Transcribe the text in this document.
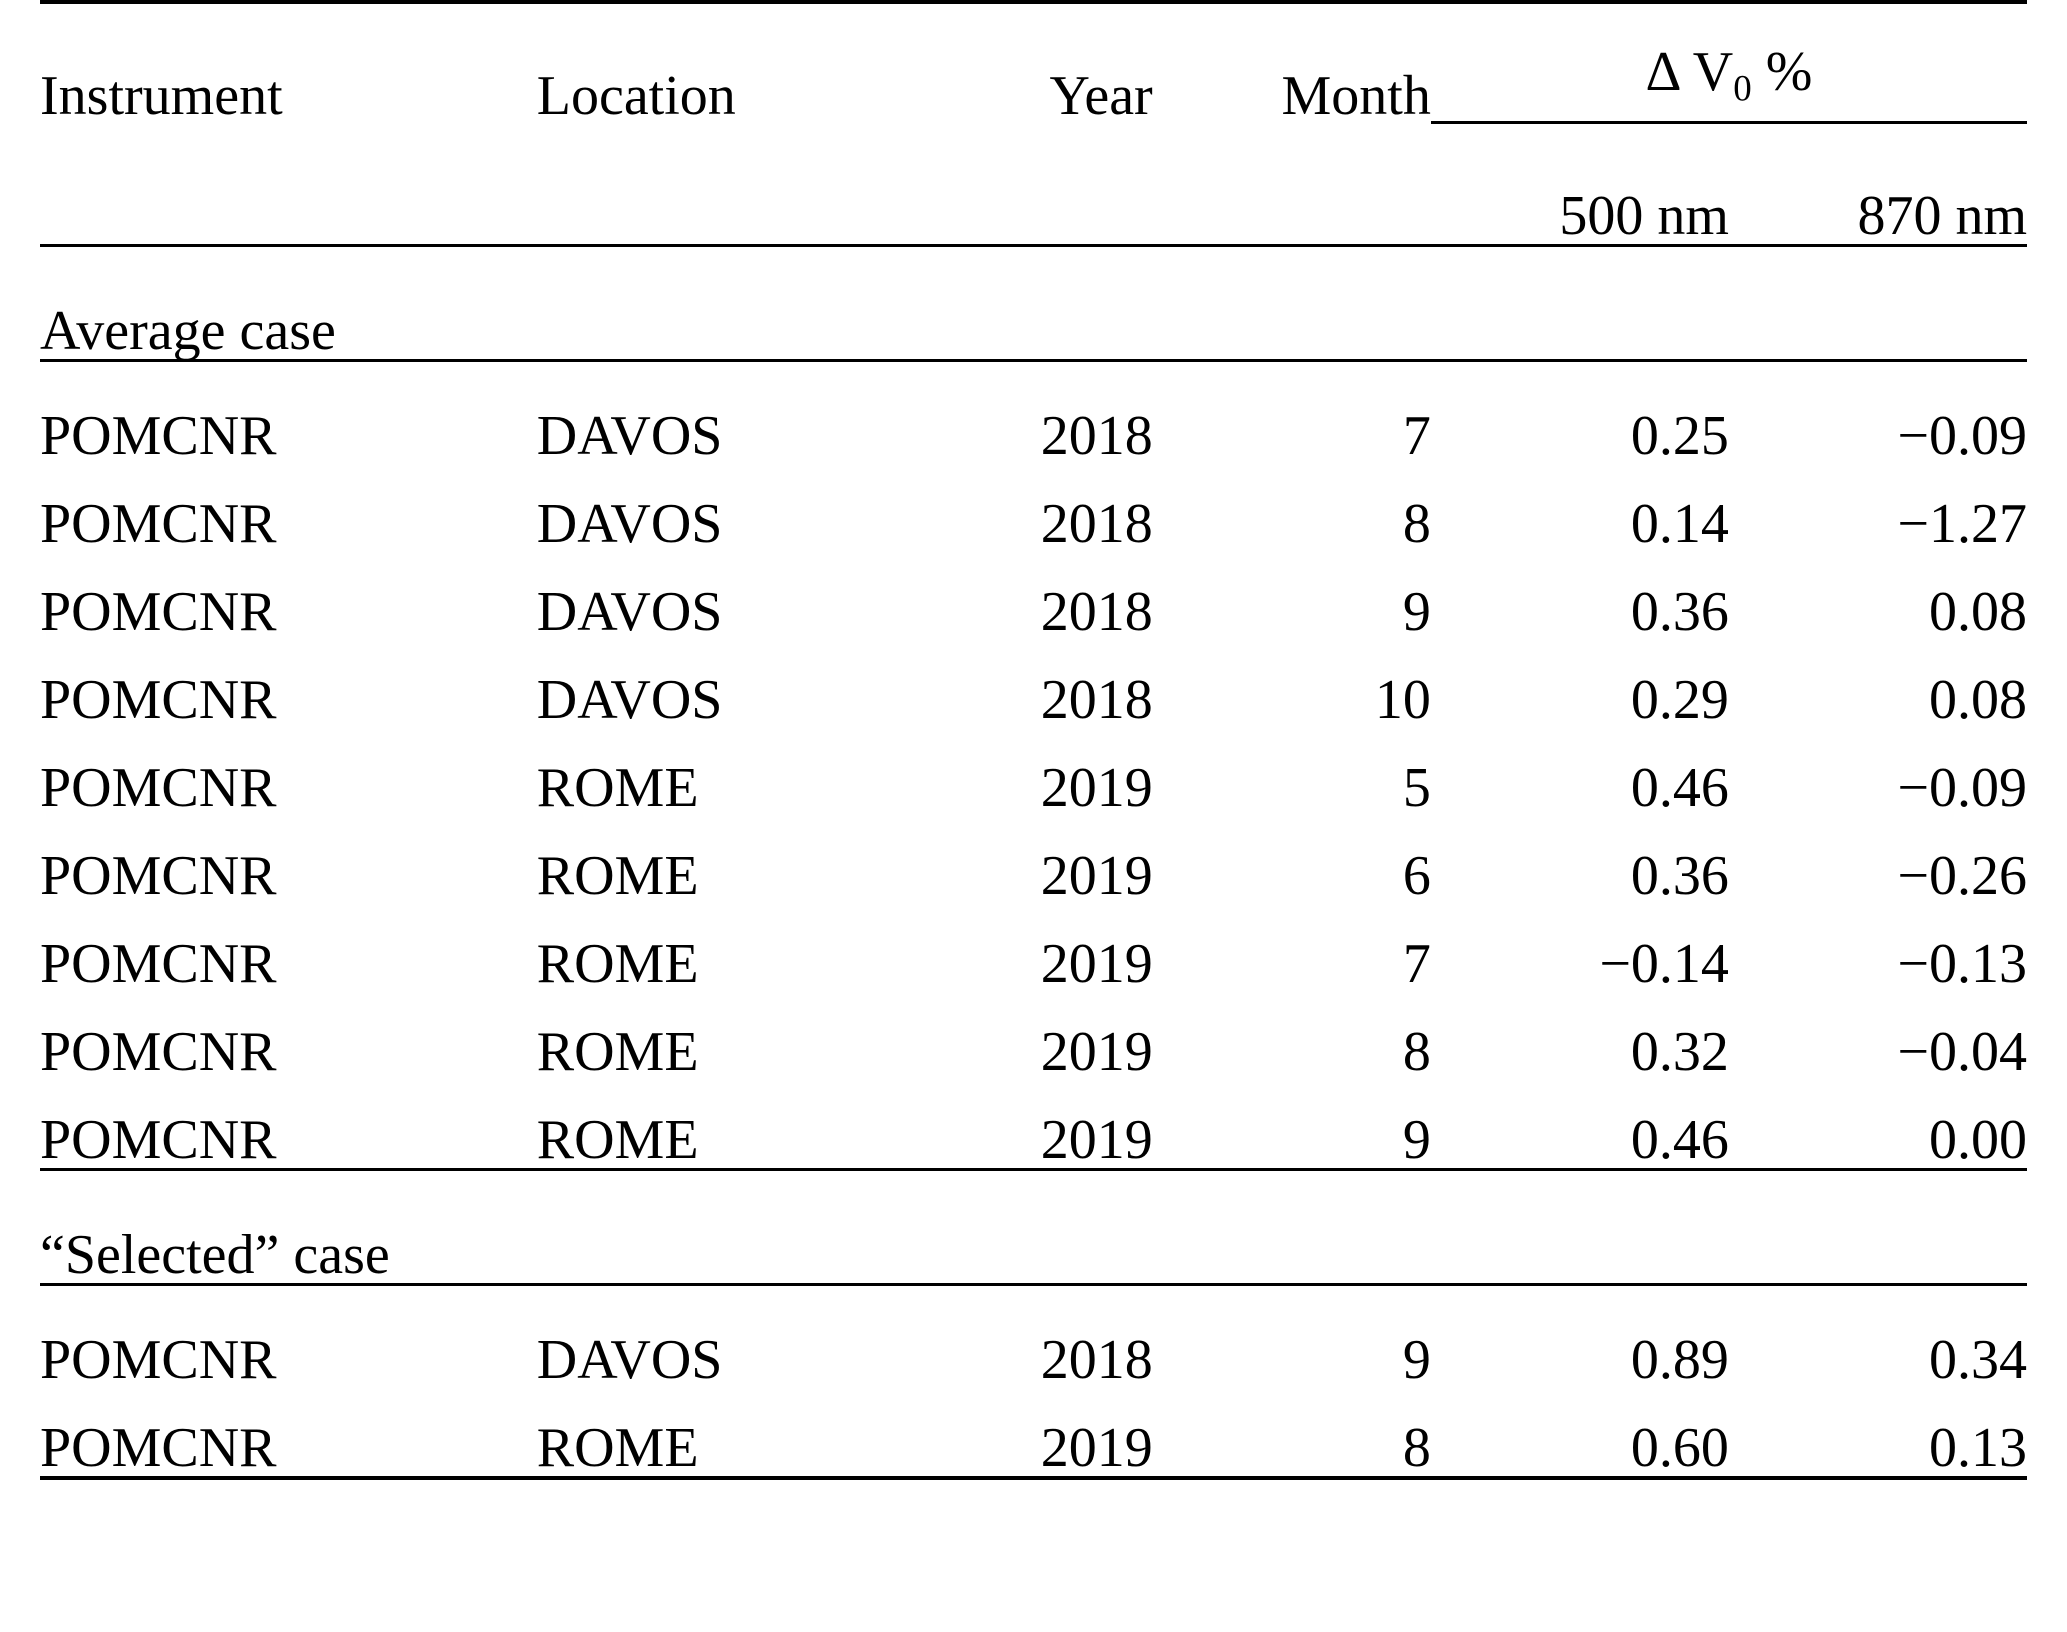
Instrument	Location	Year	Month	Δ $V_0$ %	

				500 nm	870 nm
Average case					
POMCNR	DAVOS	2018	7	0.25	−0.09
POMCNR	DAVOS	2018	8	0.14	−1.27
POMCNR	DAVOS	2018	9	0.36	0.08
POMCNR	DAVOS	2018	10	0.29	0.08
POMCNR	ROME	2019	5	0.46	−0.09
POMCNR	ROME	2019	6	0.36	−0.26
POMCNR	ROME	2019	7	−0.14	−0.13
POMCNR	ROME	2019	8	0.32	−0.04
POMCNR	ROME	2019	9	0.46	0.00
“Selected” case					
POMCNR	DAVOS	2018	9	0.89	0.34
POMCNR	ROME	2019	8	0.60	0.13
